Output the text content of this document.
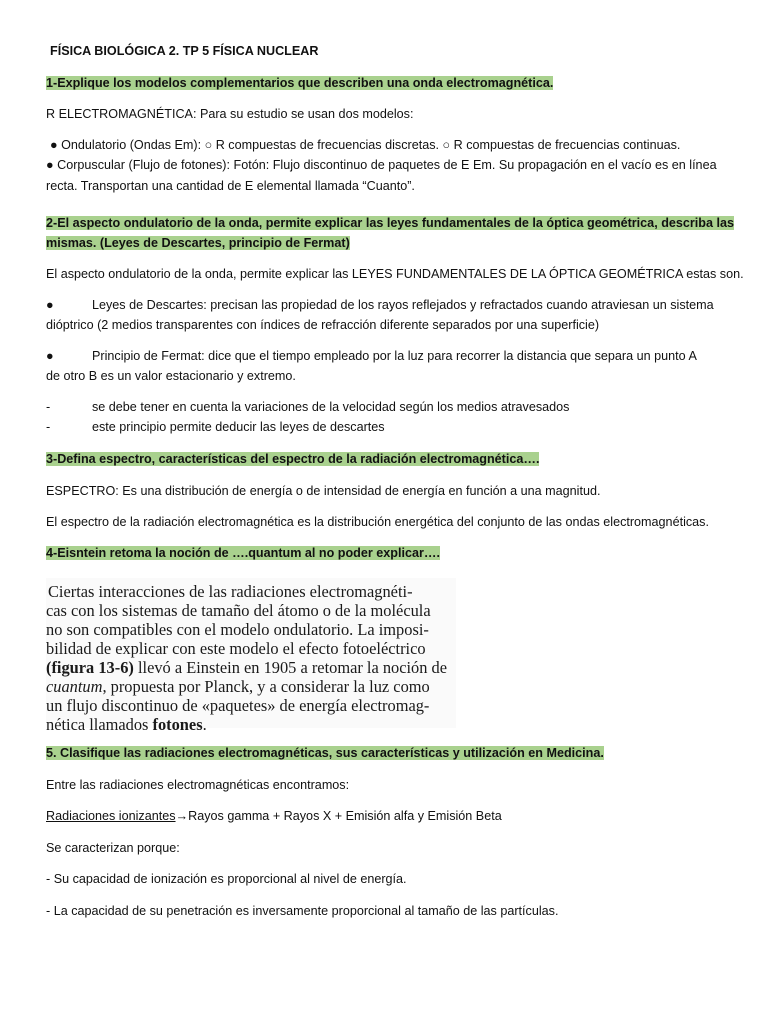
FÍSICA BIOLÓGICA 2. TP 5 FÍSICA NUCLEAR
1-Explique los modelos complementarios que describen una onda electromagnética.
R ELECTROMAGNÉTICA: Para su estudio se usan dos modelos:
● Ondulatorio (Ondas Em): ○ R compuestas de frecuencias discretas. ○ R compuestas de frecuencias continuas.
● Corpuscular (Flujo de fotones): Fotón: Flujo discontinuo de paquetes de E Em. Su propagación en el vacío es en línea
recta. Transportan una cantidad de E elemental llamada “Cuanto”.
2-El aspecto ondulatorio de la onda, permite explicar las leyes fundamentales de la óptica geométrica, describa las
mismas. (Leyes de Descartes, principio de Fermat)
El aspecto ondulatorio de la onda, permite explicar las LEYES FUNDAMENTALES DE LA ÓPTICA GEOMÉTRICA estas son.
●	Leyes de Descartes: precisan las propiedad de los rayos reflejados y refractados cuando atraviesan un sistema
dióptrico (2 medios transparentes con índices de refracción diferente separados por una superficie)
●	Principio de Fermat: dice que el tiempo empleado por la luz para recorrer la distancia que separa un punto A
de otro B es un valor estacionario y extremo.
-	se debe tener en cuenta la variaciones de la velocidad según los medios atravesados
-	este principio permite deducir las leyes de descartes
3-Defina espectro, características del espectro de la radiación electromagnética….
ESPECTRO: Es una distribución de energía o de intensidad de energía en función a una magnitud.
El espectro de la radiación electromagnética es la distribución energética del conjunto de las ondas electromagnéticas.
4-Eisntein retoma la noción de ….quantum al no poder explicar….
Ciertas interacciones de las radiaciones electromagnéti-
cas con los sistemas de tamaño del átomo o de la molécula
no son compatibles con el modelo ondulatorio. La imposi-
bilidad de explicar con este modelo el efecto fotoeléctrico
(figura 13-6) llevó a Einstein en 1905 a retomar la noción de
cuantum, propuesta por Planck, y a considerar la luz como
un flujo discontinuo de «paquetes» de energía electromag-
nética llamados fotones.
5. Clasifique las radiaciones electromagnéticas, sus características y utilización en Medicina.
Entre las radiaciones electromagnéticas encontramos:
Radiaciones ionizantes→Rayos gamma + Rayos X + Emisión alfa y Emisión Beta
Se caracterizan porque:
- Su capacidad de ionización es proporcional al nivel de energía.
- La capacidad de su penetración es inversamente proporcional al tamaño de las partículas.
